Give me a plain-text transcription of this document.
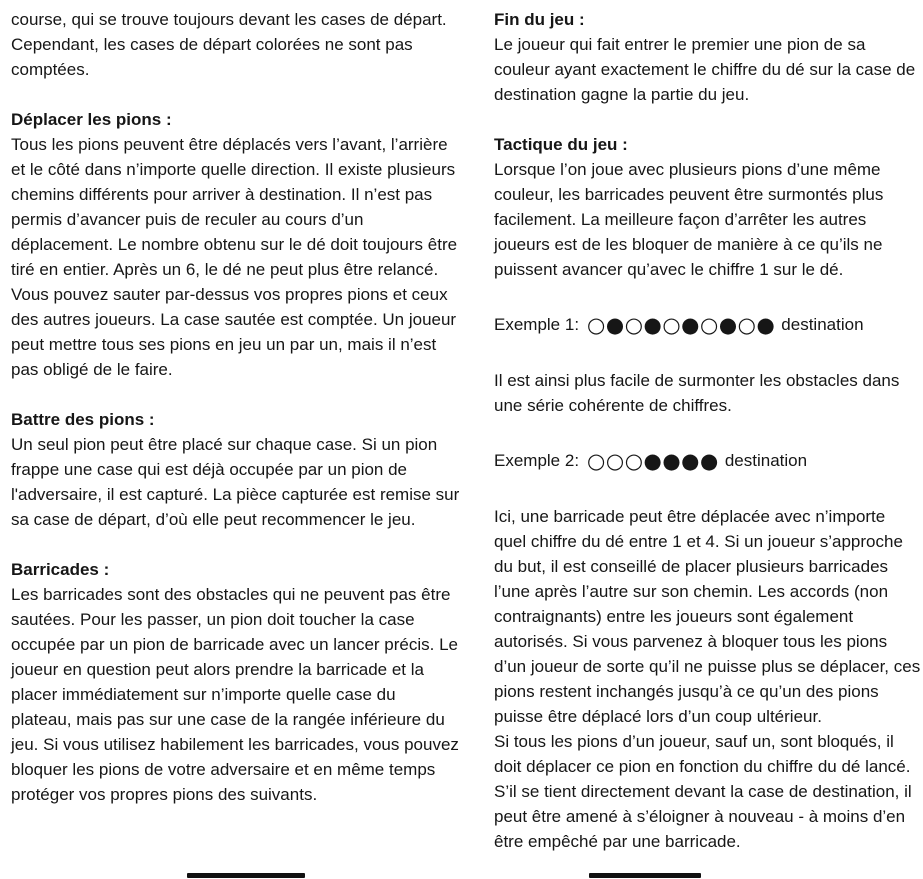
course, qui se trouve toujours devant les cases de départ. Cependant, les cases de départ colorées ne sont pas comptées.

Déplacer les pions :

Tous les pions peuvent être déplacés vers l’avant, l’arrière et le côté dans n’importe quelle direction. Il existe plusieurs chemins différents pour arriver à destination. Il n’est pas permis d’avancer puis de reculer au cours d’un déplacement. Le nombre obtenu sur le dé doit toujours être tiré en entier. Après un 6, le dé ne peut plus être relancé. Vous pouvez sauter par-dessus vos propres pions et ceux des autres joueurs. La case sautée est comptée. Un joueur peut mettre tous ses pions en jeu un par un, mais il n’est pas obligé de le faire.

Battre des pions :

Un seul pion peut être placé sur chaque case. Si un pion frappe une case qui est déjà occupée par un pion de l'adversaire, il est capturé. La pièce capturée est remise sur sa case de départ, d’où elle peut recommencer le jeu.

Barricades :

Les barricades sont des obstacles qui ne peuvent pas être sautées. Pour les passer, un pion doit toucher la case occupée par un pion de barricade avec un lancer précis. Le joueur en question peut alors prendre la barricade et la placer immédiatement sur n’importe quelle case du plateau, mais pas sur une case de la rangée inférieure du jeu. Si vous utilisez habilement les barricades, vous pouvez bloquer les pions de votre adversaire et en même temps protéger vos propres pions des suivants.

Fin du jeu :

Le joueur qui fait entrer le premier une pion de sa couleur ayant exactement le chiffre du dé sur la case de destination gagne la partie du jeu.

Tactique du jeu :

Lorsque l’on joue avec plusieurs pions d’une même couleur, les barricades peuvent être surmontés plus facilement. La meilleure façon d’arrêter les autres joueurs est de les bloquer de manière à ce qu’ils ne puissent avancer qu’avec le chiffre 1 sur le dé.

Exemple 1: ○●○●○●○●○● destination

Il est ainsi plus facile de surmonter les obstacles dans une série cohérente de chiffres.

Exemple 2: ○○○●●●● destination

Ici, une barricade peut être déplacée avec n’importe quel chiffre du dé entre 1 et 4. Si un joueur s’approche du but, il est conseillé de placer plusieurs barricades l’une après l’autre sur son chemin. Les accords (non contraignants) entre les joueurs sont également autorisés. Si vous parvenez à bloquer tous les pions d’un joueur de sorte qu’il ne puisse plus se déplacer, ces pions restent inchangés jusqu’à ce qu’un des pions puisse être déplacé lors d’un coup ultérieur.

Si tous les pions d’un joueur, sauf un, sont bloqués, il doit déplacer ce pion en fonction du chiffre du dé lancé. S’il se tient directement devant la case de destination, il peut être amené à s’éloigner à nouveau - à moins d’en être empêché par une barricade.
